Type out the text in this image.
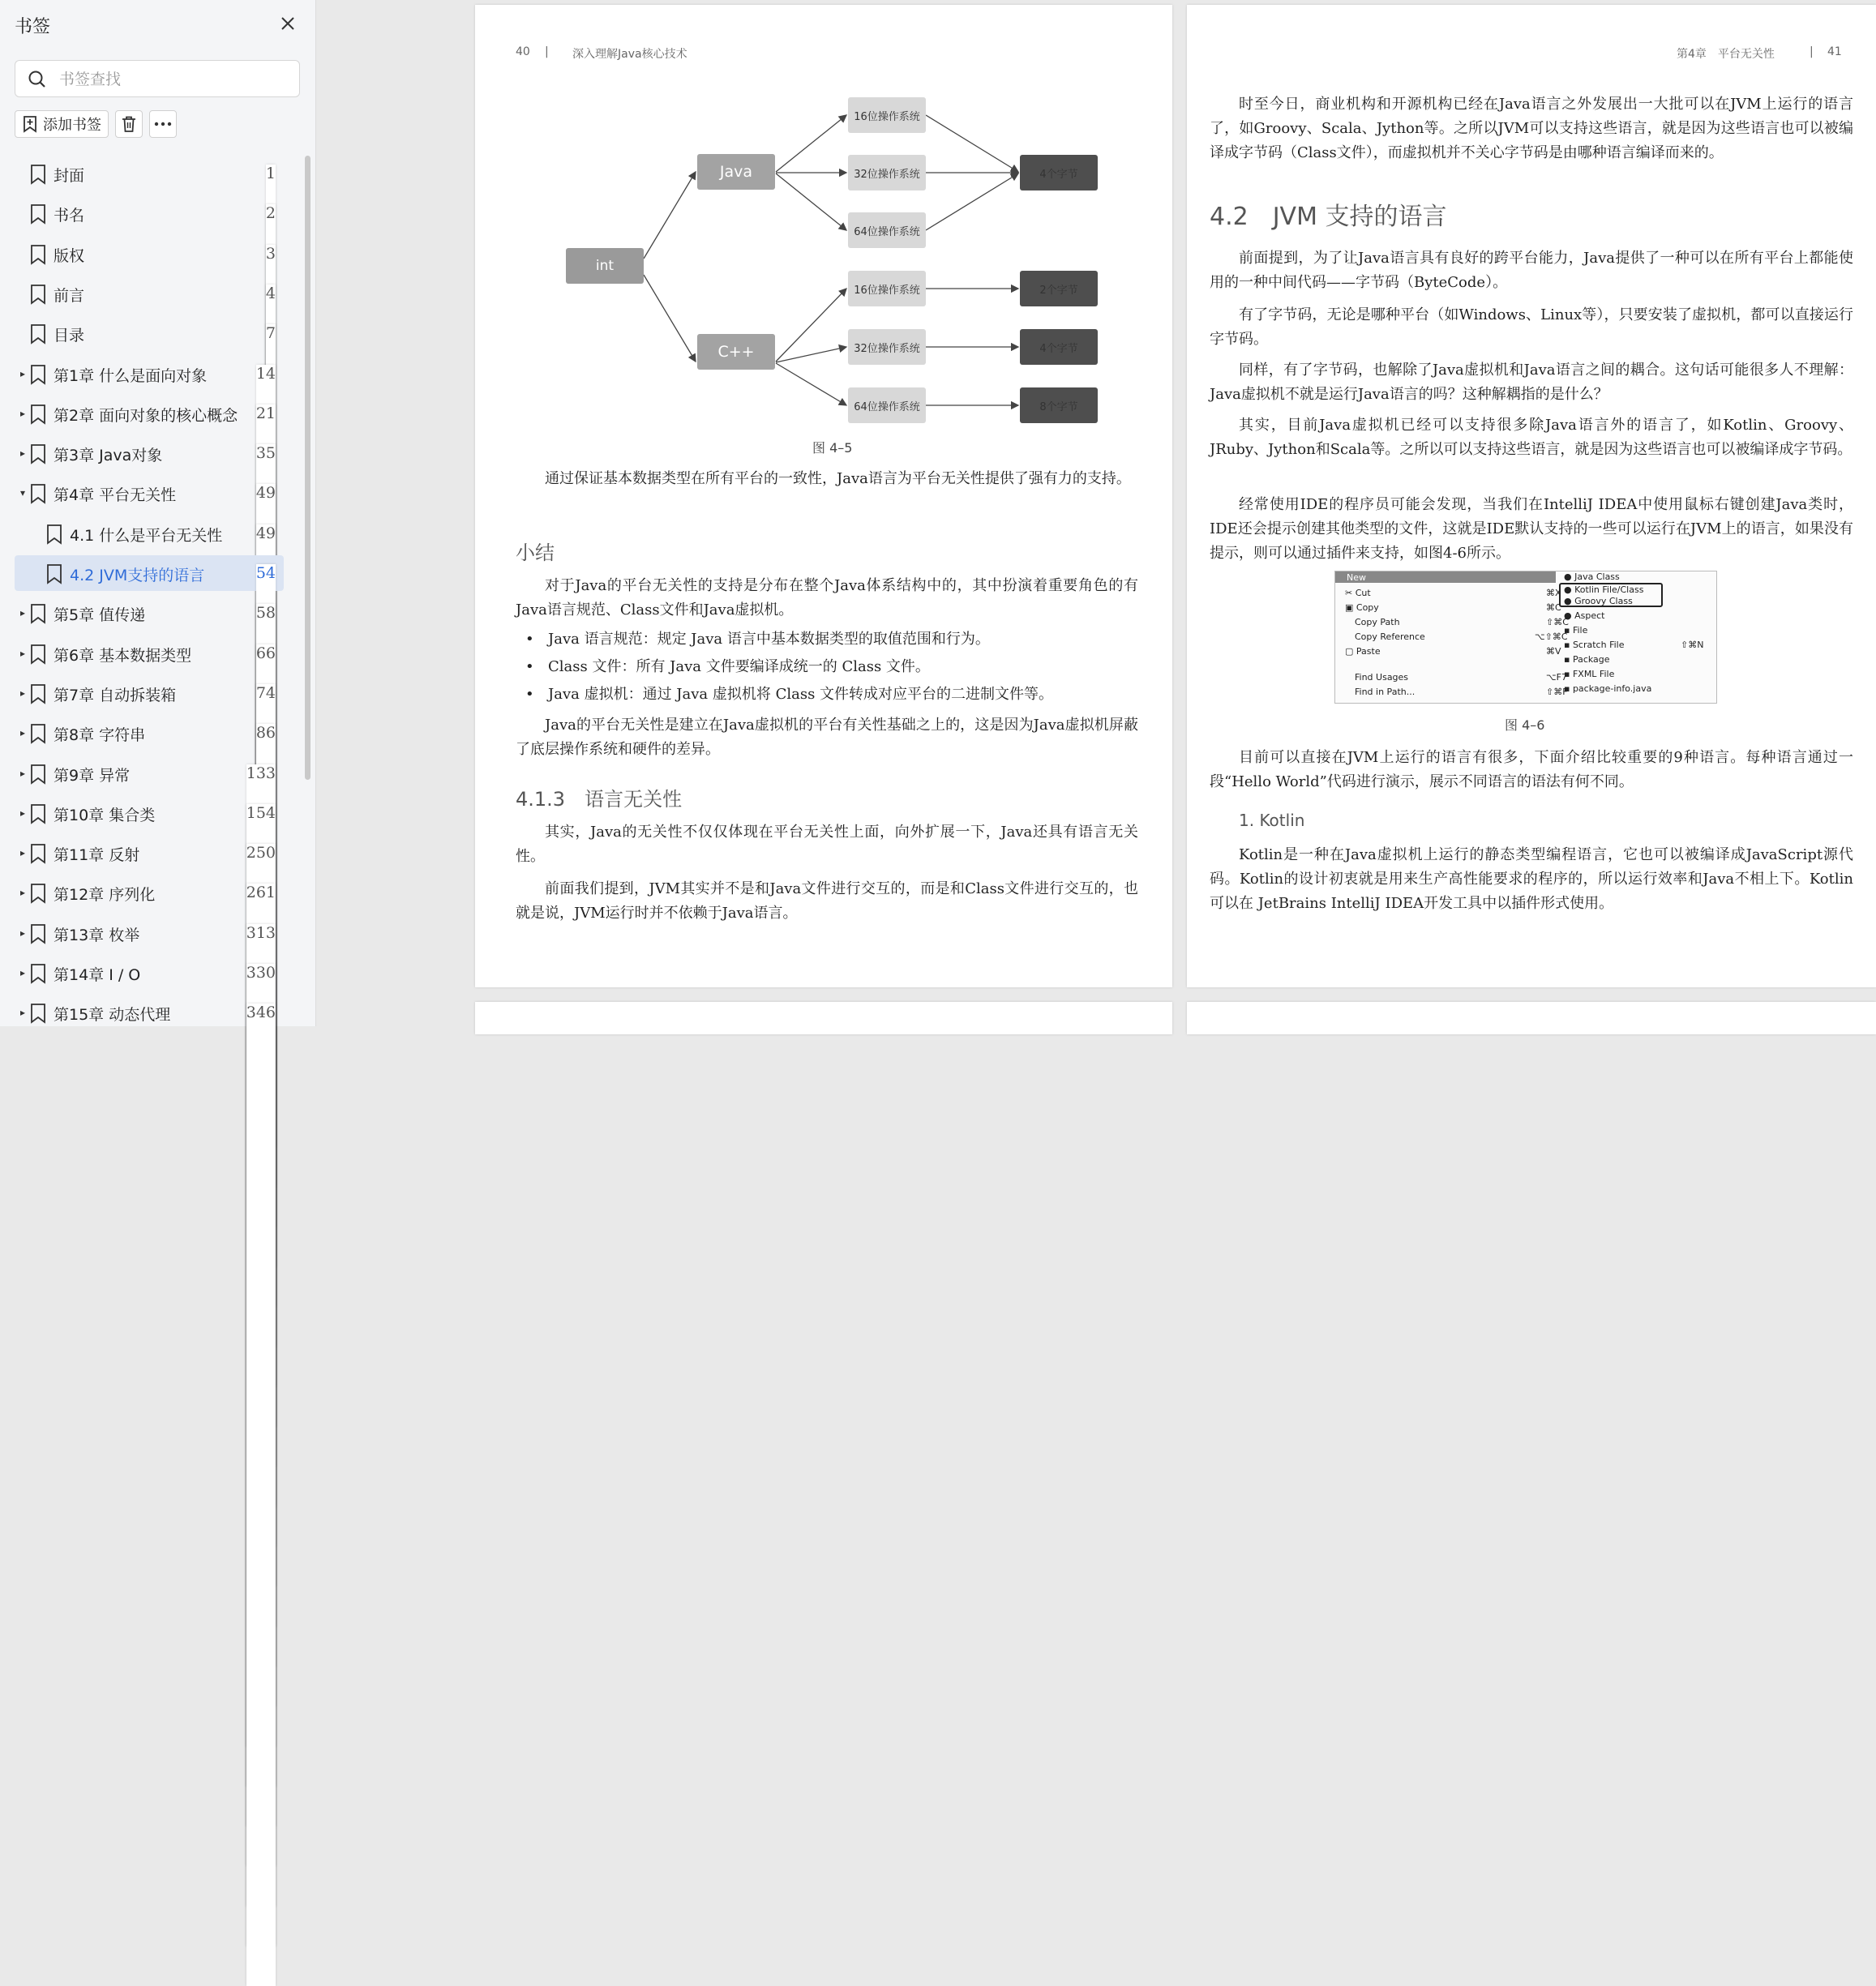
书签
书签查找
添加书签
封面	1
书名	2
版权	3
前言	4
目录	7
▸ 第1章 什么是面向对象	14
▸ 第2章 面向对象的核心概念 21
▸ 第3章 Java对象	35
▾ 第4章 平台无关性	49
4.1 什么是平台无关性 49
4.2 JVM支持的语言	54
▸ 第5章 值传递	58
▸ 第6章 基本数据类型	66
▸ 第7章 自动拆装箱	74
▸ 第8章 字符串	86
▸ 第9章 异常	133
▸ 第10章 集合类	154
▸ 第11章 反射	250
▸ 第12章 序列化	261
▸ 第13章 枚举	313
▸ 第14章 I / O	330
▸ 第15章 动态代理	346
40 | 深入理解Java核心技术
int
Java
C++
16位操作系统
32位操作系统
64位操作系统
4个字节
16位操作系统
32位操作系统
64位操作系统
2个字节
4个字节
8个字节
图 4–5

通过保证基本数据类型在所有平台的一致性，Java语言为平台无关性提供了强有力的支持。

小结

对于Java的平台无关性的支持是分布在整个Java体系结构中的，其中扮演着重要角色的有Java语言规范、Class文件和Java虚拟机。

• Java 语言规范：规定 Java 语言中基本数据类型的取值范围和行为。
• Class 文件：所有 Java 文件要编译成统一的 Class 文件。
• Java 虚拟机：通过 Java 虚拟机将 Class 文件转成对应平台的二进制文件等。

Java的平台无关性是建立在Java虚拟机的平台有关性基础之上的，这是因为Java虚拟机屏蔽了底层操作系统和硬件的差异。

4.1.3　语言无关性

其实，Java的无关性不仅仅体现在平台无关性上面，向外扩展一下，Java还具有语言无关性。

前面我们提到，JVM其实并不是和Java文件进行交互的，而是和Class文件进行交互的，也就是说，JVM运行时并不依赖于Java语言。

第4章　平台无关性	| 41

时至今日，商业机构和开源机构已经在Java语言之外发展出一大批可以在JVM上运行的语言了，如Groovy、Scala、Jython等。之所以JVM可以支持这些语言，就是因为这些语言也可以被编译成字节码（Class文件），而虚拟机并不关心字节码是由哪种语言编译而来的。

4.2　JVM 支持的语言

前面提到，为了让Java语言具有良好的跨平台能力，Java提供了一种可以在所有平台上都能使用的一种中间代码——字节码（ByteCode）。

有了字节码，无论是哪种平台（如Windows、Linux等），只要安装了虚拟机，都可以直接运行字节码。

同样，有了字节码，也解除了Java虚拟机和Java语言之间的耦合。这句话可能很多人不理解：Java虚拟机不就是运行Java语言的吗？这种解耦指的是什么？

其实，目前Java虚拟机已经可以支持很多除Java语言外的语言了，如Kotlin、Groovy、JRuby、Jython和Scala等。之所以可以支持这些语言，就是因为这些语言也可以被编译成字节码。

经常使用IDE的程序员可能会发现，当我们在IntelliJ IDEA中使用鼠标右键创建Java类时，IDE还会提示创建其他类型的文件，这就是IDE默认支持的一些可以运行在JVM上的语言，如果没有提示，则可以通过插件来支持，如图4-6所示。

New
✂ Cut	⌘X
▣ Copy	⌘C
Copy Path	⇧⌘C
Copy Reference	⌥⇧⌘C
▢ Paste	⌘V
Find Usages	⌥F7
Find in Path...	⇧⌘F
● Java Class
● Kotlin File/Class
● Groovy Class
● Aspect
▪ File
▪ Scratch File	⇧⌘N
▪ Package
▪ FXML File
▪ package-info.java
图 4–6

目前可以直接在JVM上运行的语言有很多，下面介绍比较重要的9种语言。每种语言通过一段“Hello World”代码进行演示，展示不同语言的语法有何不同。

1. Kotlin

Kotlin是一种在Java虚拟机上运行的静态类型编程语言，它也可以被编译成JavaScript源代码。Kotlin的设计初衷就是用来生产高性能要求的程序的，所以运行效率和Java不相上下。Kotlin可以在 JetBrains IntelliJ IDEA开发工具中以插件形式使用。
